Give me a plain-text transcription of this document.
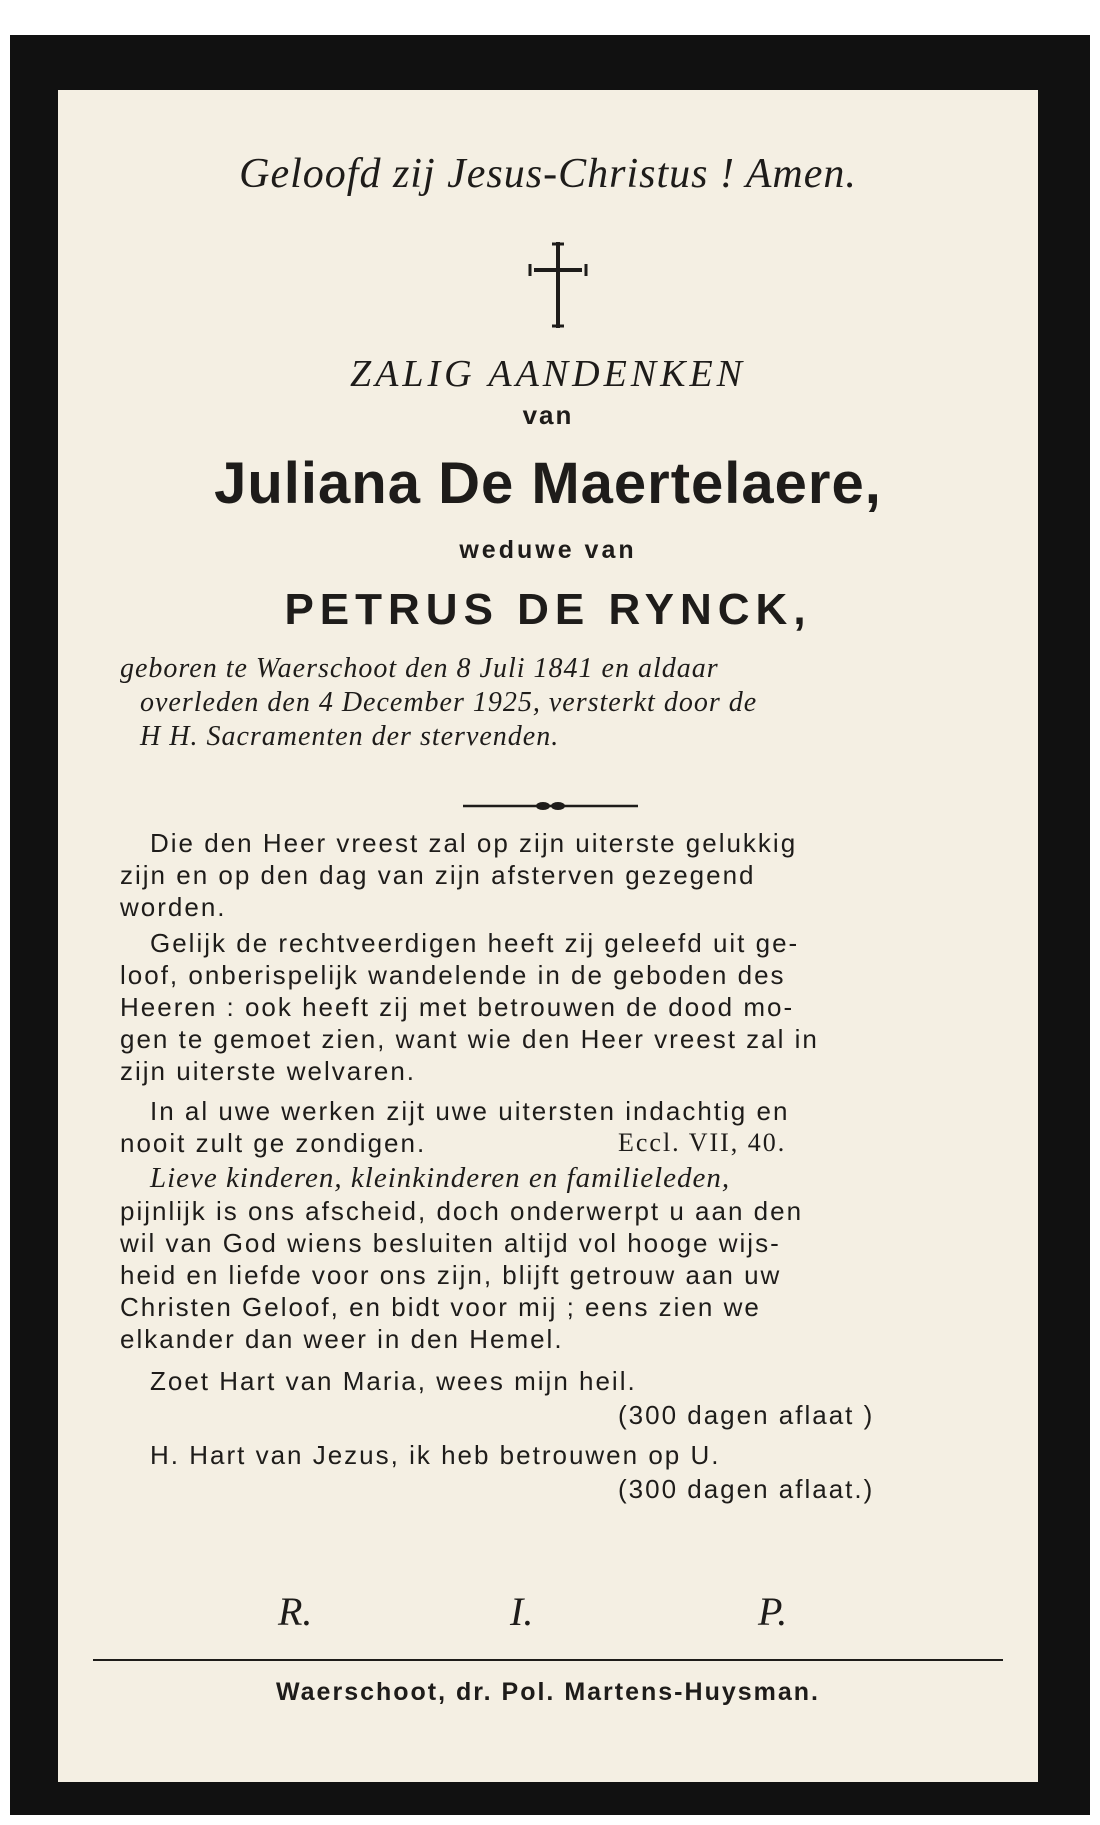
Geloofd zij Jesus-Christus ! Amen.
ZALIG AANDENKEN
van
Juliana De Maertelaere,
weduwe van
PETRUS DE RYNCK,
geboren te Waerschoot den 8 Juli 1841 en aldaar
overleden den 4 December 1925, versterkt door de
H H. Sacramenten der stervenden.
Die den Heer vreest zal op zijn uiterste gelukkig
zijn en op den dag van zijn afsterven gezegend
worden.
Gelijk de rechtveerdigen heeft zij geleefd uit ge-
loof, onberispelijk wandelende in de geboden des
Heeren : ook heeft zij met betrouwen de dood mo-
gen te gemoet zien, want wie den Heer vreest zal in
zijn uiterste welvaren.
In al uwe werken zijt uwe uitersten indachtig en
nooit zult ge zondigen.	Eccl. VII, 40.
Lieve kinderen, kleinkinderen en familieleden,
pijnlijk is ons afscheid, doch onderwerpt u aan den
wil van God wiens besluiten altijd vol hooge wijs-
heid en liefde voor ons zijn, blijft getrouw aan uw
Christen Geloof, en bidt voor mij ; eens zien we
elkander dan weer in den Hemel.
Zoet Hart van Maria, wees mijn heil.
(300 dagen aflaat )
H. Hart van Jezus, ik heb betrouwen op U.
(300 dagen aflaat.)
R.	I.	P.
Waerschoot, dr. Pol. Martens-Huysman.
